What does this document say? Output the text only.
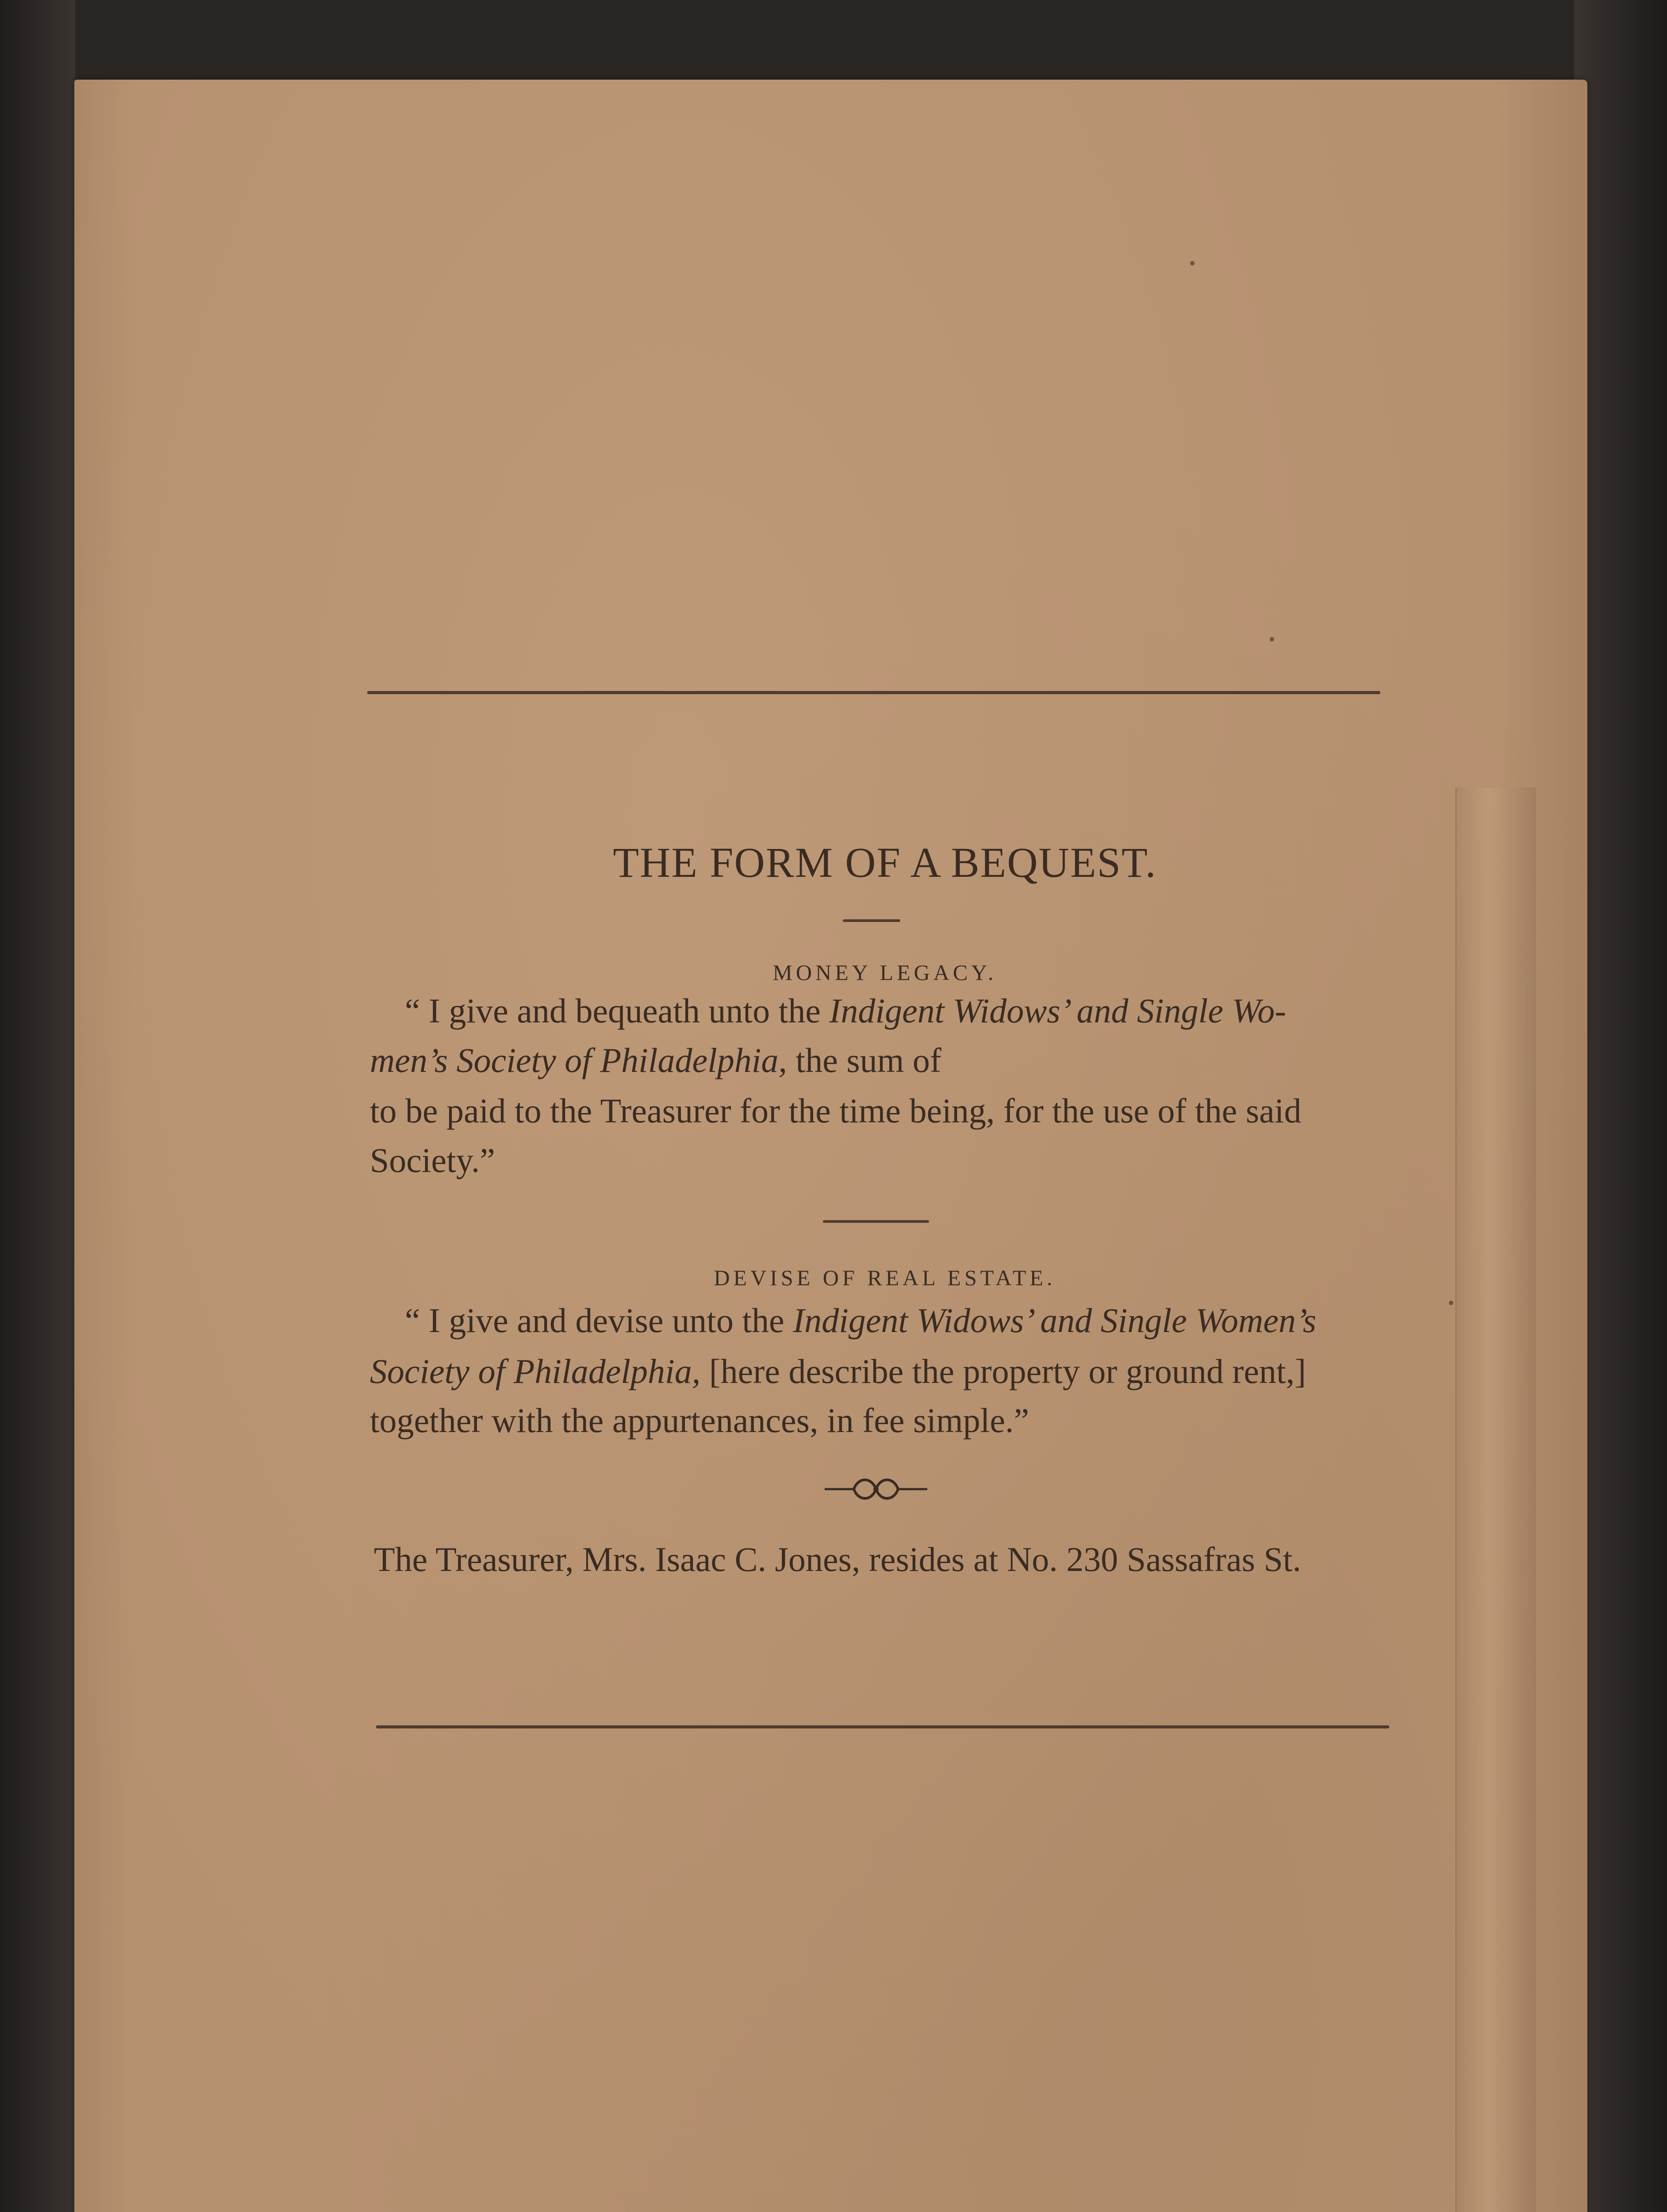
THE FORM OF A BEQUEST.

MONEY LEGACY.

“ I give and bequeath unto the Indigent Widows’ and Single Wo-

men’s Society of Philadelphia, the sum of

to be paid to the Treasurer for the time being, for the use of the said

Society.”

DEVISE OF REAL ESTATE.

“ I give and devise unto the Indigent Widows’ and Single Women’s

Society of Philadelphia, [here describe the property or ground rent,]

together with the appurtenances, in fee simple.”

The Treasurer, Mrs. Isaac C. Jones, resides at No. 230 Sassafras St.
